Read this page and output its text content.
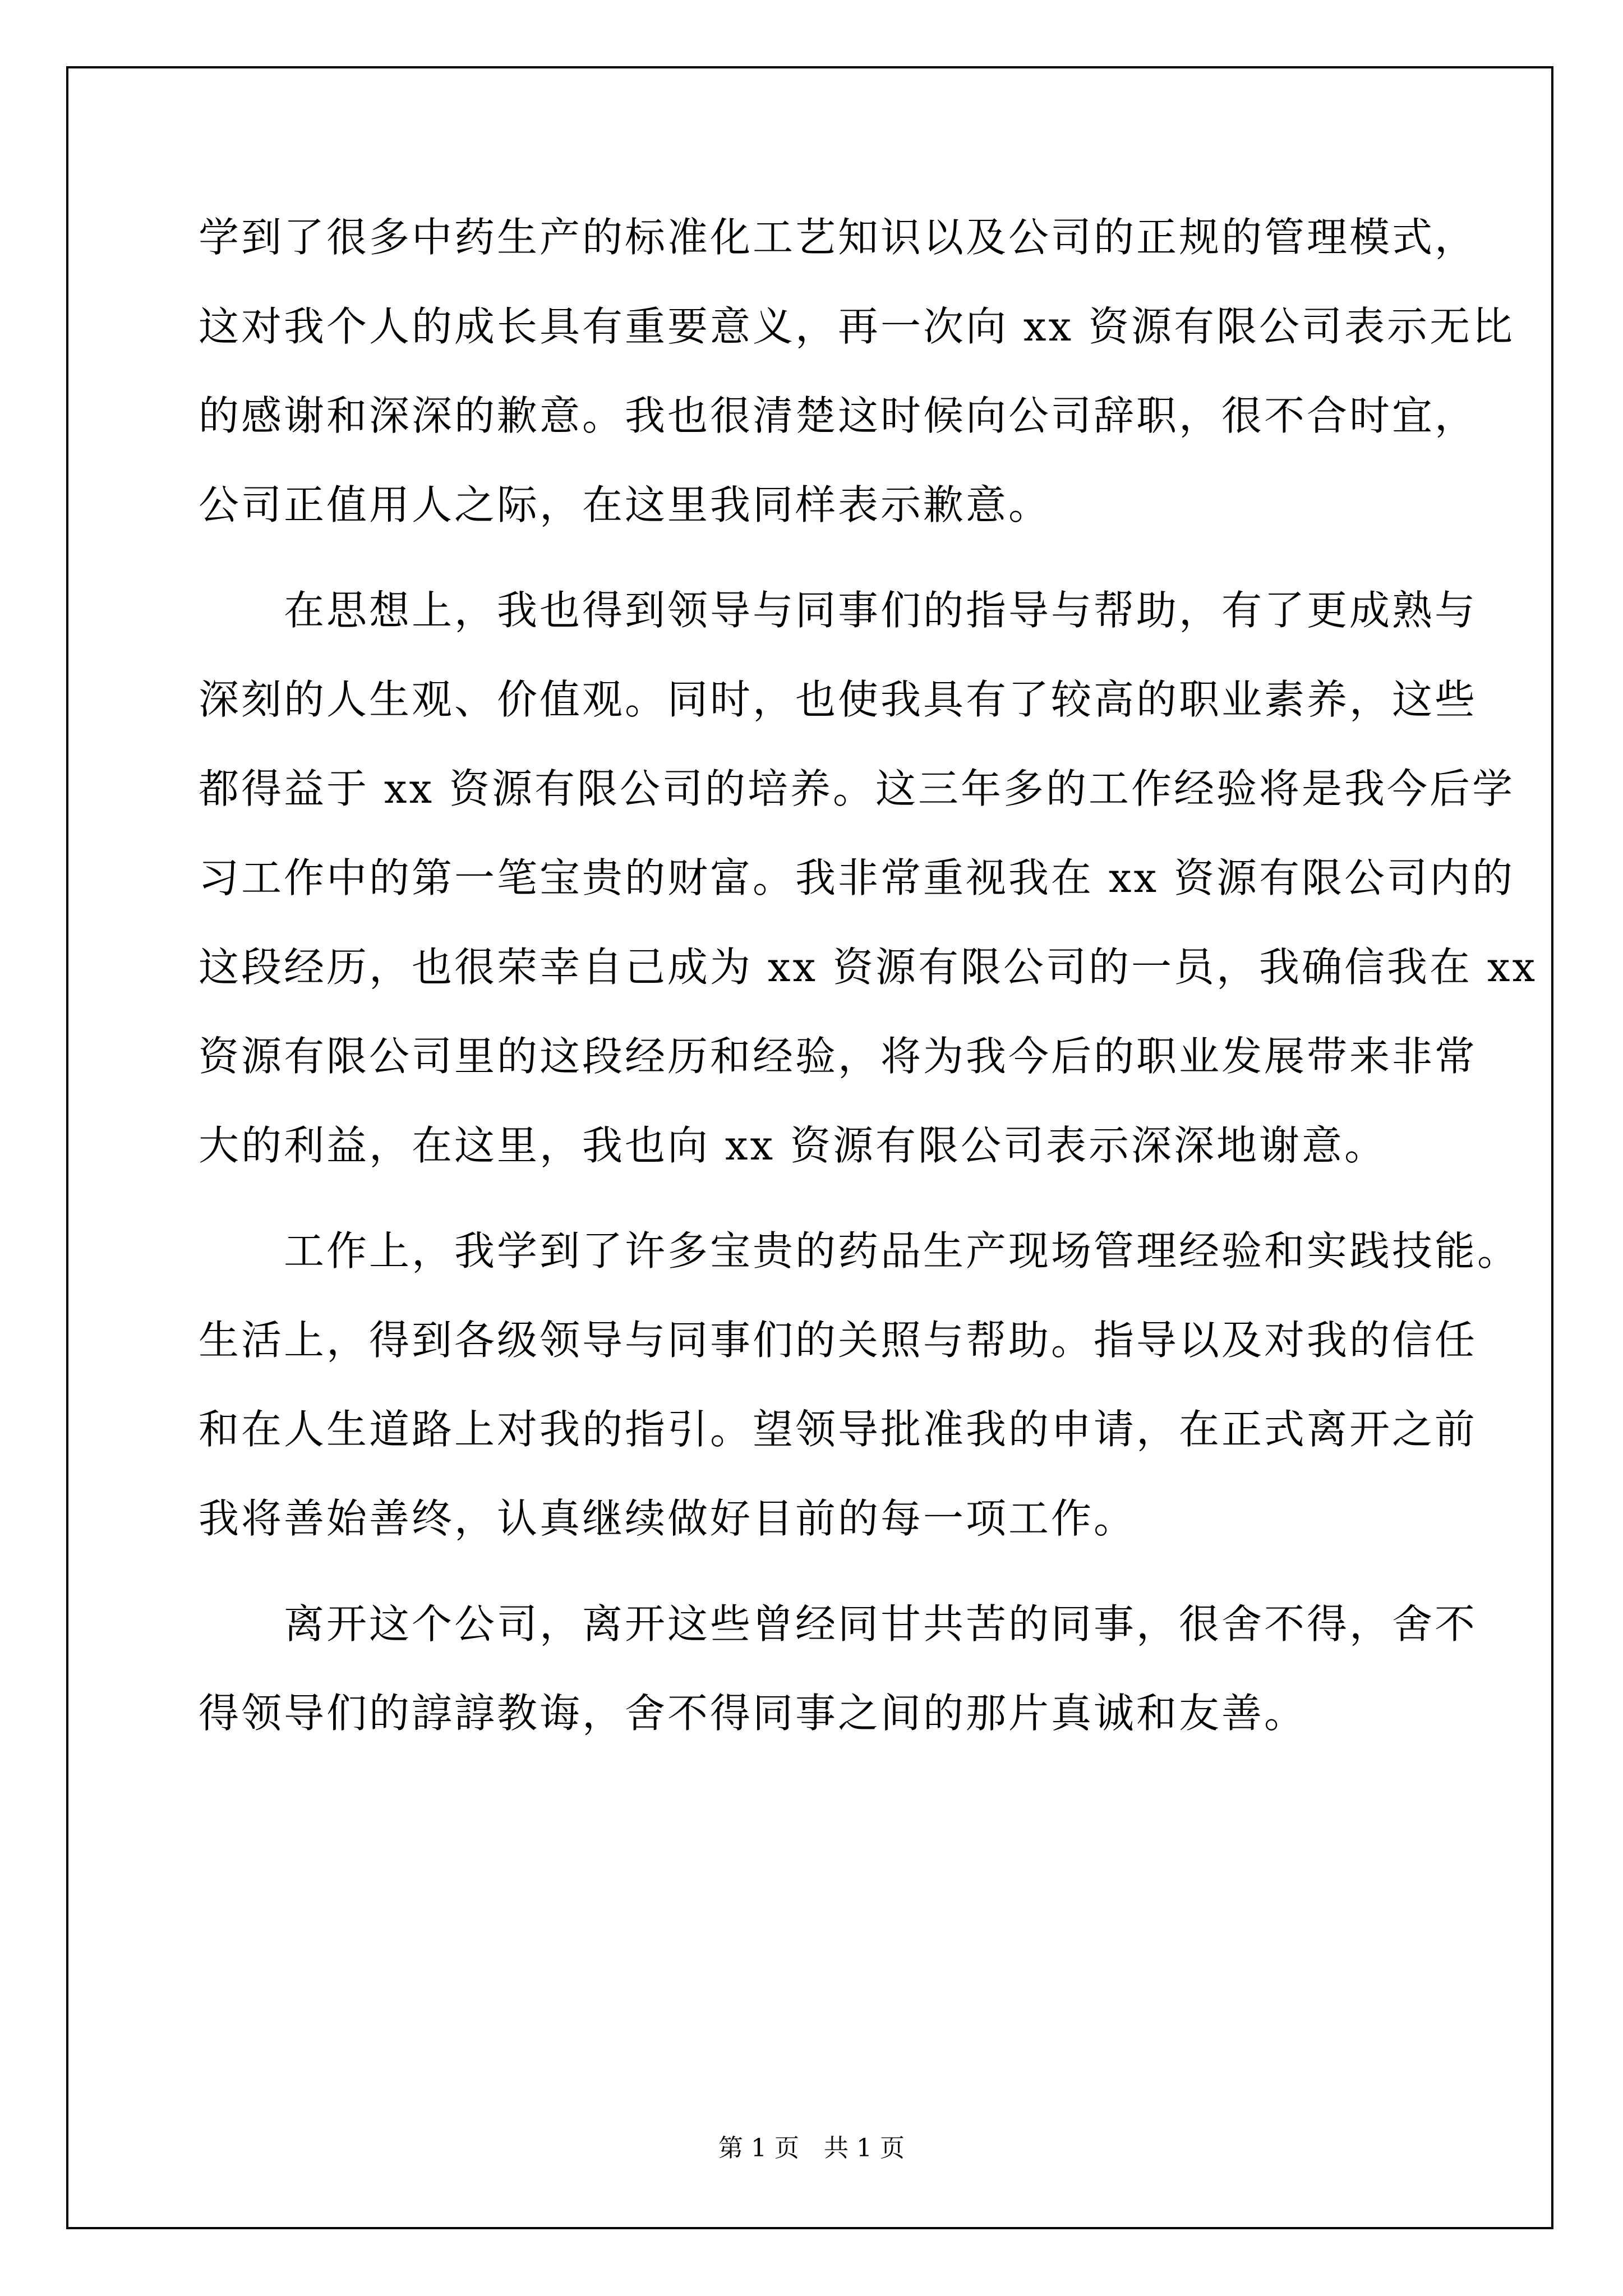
学到了很多中药生产的标准化工艺知识以及公司的正规的管理模式，
这对我个人的成长具有重要意义，再一次向 xx 资源有限公司表示无比
的感谢和深深的歉意。我也很清楚这时候向公司辞职，很不合时宜，
公司正值用人之际，在这里我同样表示歉意。
　　在思想上，我也得到领导与同事们的指导与帮助，有了更成熟与
深刻的人生观、价值观。同时，也使我具有了较高的职业素养，这些
都得益于 xx 资源有限公司的培养。这三年多的工作经验将是我今后学
习工作中的第一笔宝贵的财富。我非常重视我在 xx 资源有限公司内的
这段经历，也很荣幸自己成为 xx 资源有限公司的一员，我确信我在 xx
资源有限公司里的这段经历和经验，将为我今后的职业发展带来非常
大的利益，在这里，我也向 xx 资源有限公司表示深深地谢意。
　　工作上，我学到了许多宝贵的药品生产现场管理经验和实践技能。
生活上，得到各级领导与同事们的关照与帮助。指导以及对我的信任
和在人生道路上对我的指引。望领导批准我的申请，在正式离开之前
我将善始善终，认真继续做好目前的每一项工作。
　　离开这个公司，离开这些曾经同甘共苦的同事，很舍不得，舍不
得领导们的諄諄教诲，舍不得同事之间的那片真诚和友善。
第 1 页　共 1 页
